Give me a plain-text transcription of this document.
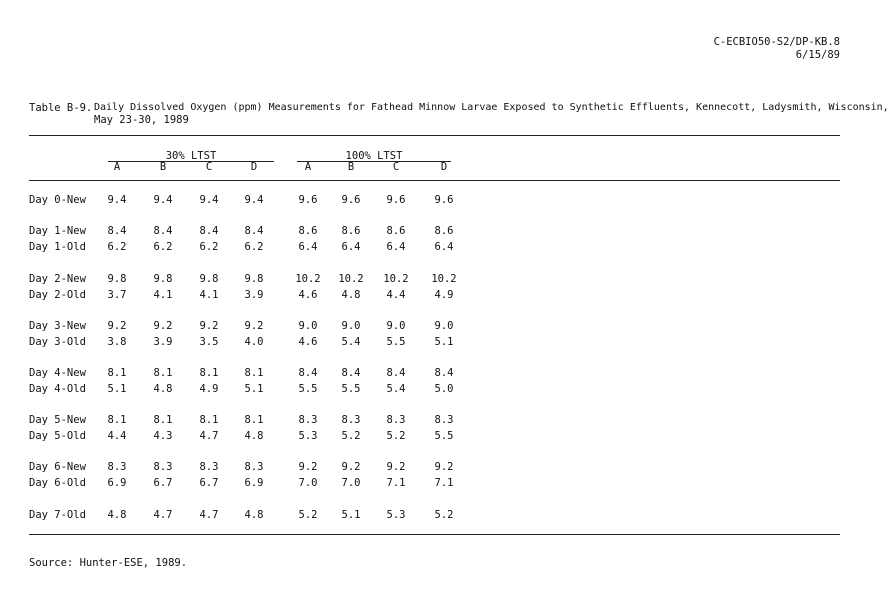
C-ECBIO50-S2/DP-KB.8
6/15/89
Table B-9. Daily Dissolved Oxygen (ppm) Measurements for Fathead Minnow Larvae Exposed to Synthetic Effluents, Kennecott, Ladysmith, Wisconsin,
May 23-30, 1989
30% LTST	100% LTST
A	B	C	D	A	B	C	D
Day 0-New	9.4	9.4	9.4	9.4	9.6	9.6	9.6	9.6
Day 1-New	8.4	8.4	8.4	8.4	8.6	8.6	8.6	8.6
Day 1-Old	6.2	6.2	6.2	6.2	6.4	6.4	6.4	6.4
Day 2-New	9.8	9.8	9.8	9.8	10.2	10.2	10.2	10.2
Day 2-Old	3.7	4.1	4.1	3.9	4.6	4.8	4.4	4.9
Day 3-New	9.2	9.2	9.2	9.2	9.0	9.0	9.0	9.0
Day 3-Old	3.8	3.9	3.5	4.0	4.6	5.4	5.5	5.1
Day 4-New	8.1	8.1	8.1	8.1	8.4	8.4	8.4	8.4
Day 4-Old	5.1	4.8	4.9	5.1	5.5	5.5	5.4	5.0
Day 5-New	8.1	8.1	8.1	8.1	8.3	8.3	8.3	8.3
Day 5-Old	4.4	4.3	4.7	4.8	5.3	5.2	5.2	5.5
Day 6-New	8.3	8.3	8.3	8.3	9.2	9.2	9.2	9.2
Day 6-Old	6.9	6.7	6.7	6.9	7.0	7.0	7.1	7.1
Day 7-Old	4.8	4.7	4.7	4.8	5.2	5.1	5.3	5.2
Source: Hunter-ESE, 1989.
